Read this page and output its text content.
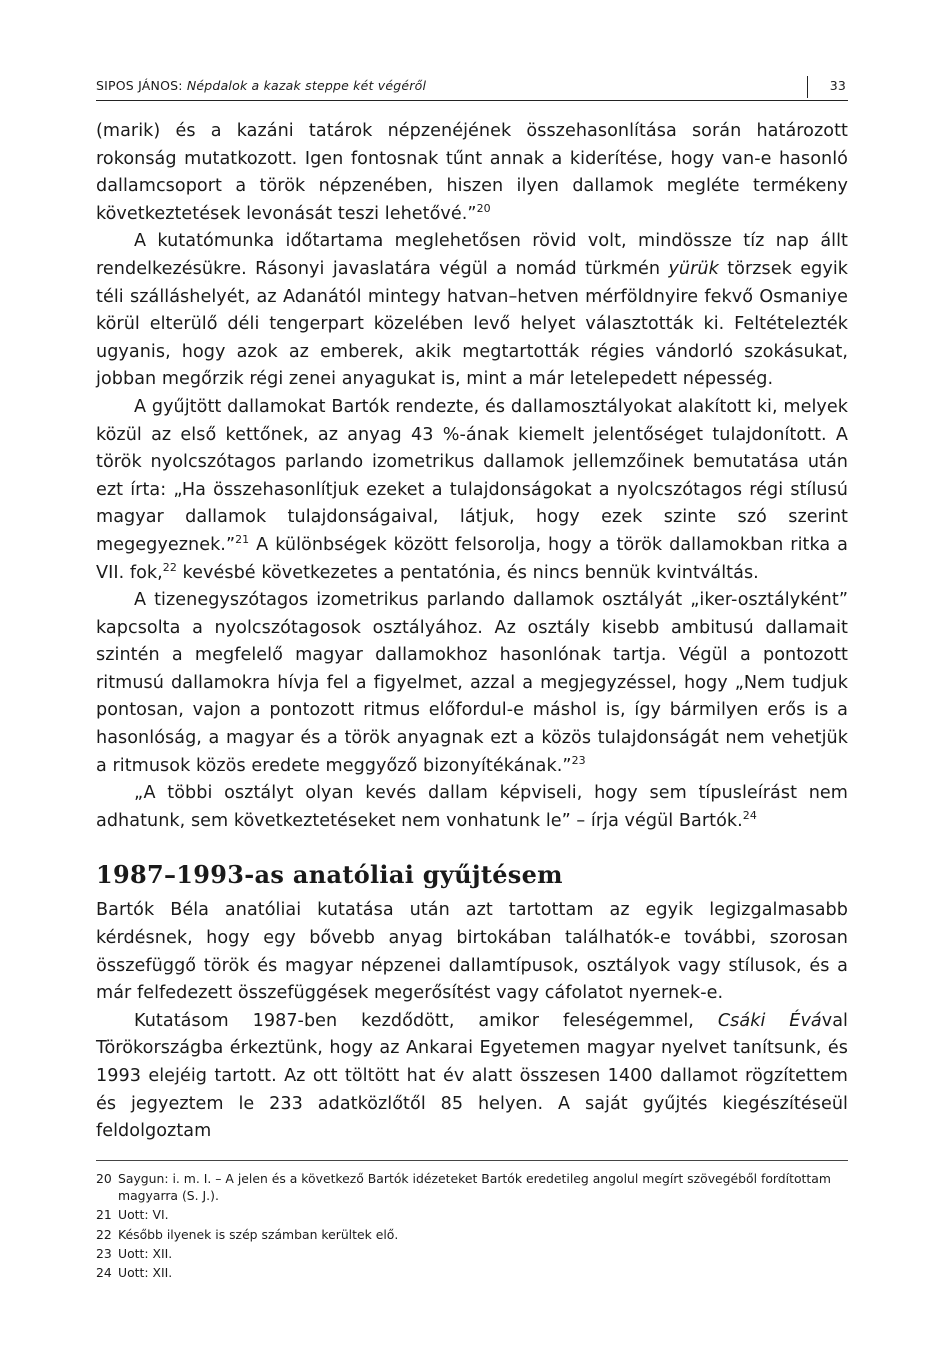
SIPOS JÁNOS: Népdalok a kazak steppe két végéről	33

(marik) és a kazáni tatárok népzenéjének összehasonlítása során határozott rokonság mutatkozott. Igen fontosnak tűnt annak a kiderítése, hogy van-e hasonló dallamcsoport a török népzenében, hiszen ilyen dallamok megléte termékeny következtetések levonását teszi lehetővé.”$^{20}$

A kutatómunka időtartama meglehetősen rövid volt, mindössze tíz nap állt rendelkezésükre. Rásonyi javaslatára végül a nomád türkmén yürük törzsek egyik téli szálláshelyét, az Adanától mintegy hatvan–hetven mérföldnyire fekvő Osmaniye körül elterülő déli tengerpart közelében levő helyet választották ki. Feltételezték ugyanis, hogy azok az emberek, akik megtartották régies vándorló szokásukat, jobban megőrzik régi zenei anyagukat is, mint a már letelepedett népesség.

A gyűjtött dallamokat Bartók rendezte, és dallamosztályokat alakított ki, melyek közül az első kettőnek, az anyag 43 %-ának kiemelt jelentőséget tulajdonított. A török nyolcszótagos parlando izometrikus dallamok jellemzőinek bemutatása után ezt írta: „Ha összehasonlítjuk ezeket a tulajdonságokat a nyolcszótagos régi stílusú magyar dallamok tulajdonságaival, látjuk, hogy ezek szinte szó szerint megegyeznek.”$^{21}$ A különbségek között felsorolja, hogy a török dallamokban ritka a VII. fok,$^{22}$ kevésbé következetes a pentatónia, és nincs bennük kvintváltás.

A tizenegyszótagos izometrikus parlando dallamok osztályát „iker-osztályként” kapcsolta a nyolcszótagosok osztályához. Az osztály kisebb ambitusú dallamait szintén a megfelelő magyar dallamokhoz hasonlónak tartja. Végül a pontozott ritmusú dallamokra hívja fel a figyelmet, azzal a megjegyzéssel, hogy „Nem tudjuk pontosan, vajon a pontozott ritmus előfordul-e máshol is, így bármilyen erős is a hasonlóság, a magyar és a török anyagnak ezt a közös tulajdonságát nem vehetjük a ritmusok közös eredete meggyőző bizonyítékának.”$^{23}$

„A többi osztályt olyan kevés dallam képviseli, hogy sem típusleírást nem adhatunk, sem következtetéseket nem vonhatunk le” – írja végül Bartók.$^{24}$

1987–1993-as anatóliai gyűjtésem

Bartók Béla anatóliai kutatása után azt tartottam az egyik legizgalmasabb kérdésnek, hogy egy bővebb anyag birtokában találhatók-e további, szorosan összefüggő török és magyar népzenei dallamtípusok, osztályok vagy stílusok, és a már felfedezett összefüggések megerősítést vagy cáfolatot nyernek-e.

Kutatásom 1987-ben kezdődött, amikor feleségemmel, Csáki Évával Törökországba érkeztünk, hogy az Ankarai Egyetemen magyar nyelvet tanítsunk, és 1993 elejéig tartott. Az ott töltött hat év alatt összesen 1400 dallamot rögzítettem és jegyeztem le 233 adatközlőtől 85 helyen. A saját gyűjtés kiegészítéseül feldolgoztam

20 Saygun: i. m. I. – A jelen és a következő Bartók idézeteket Bartók eredetileg angolul megírt szövegéből fordítottam magyarra (S. J.).
21 Uott: VI.
22 Később ilyenek is szép számban kerültek elő.
23 Uott: XII.
24 Uott: XII.
